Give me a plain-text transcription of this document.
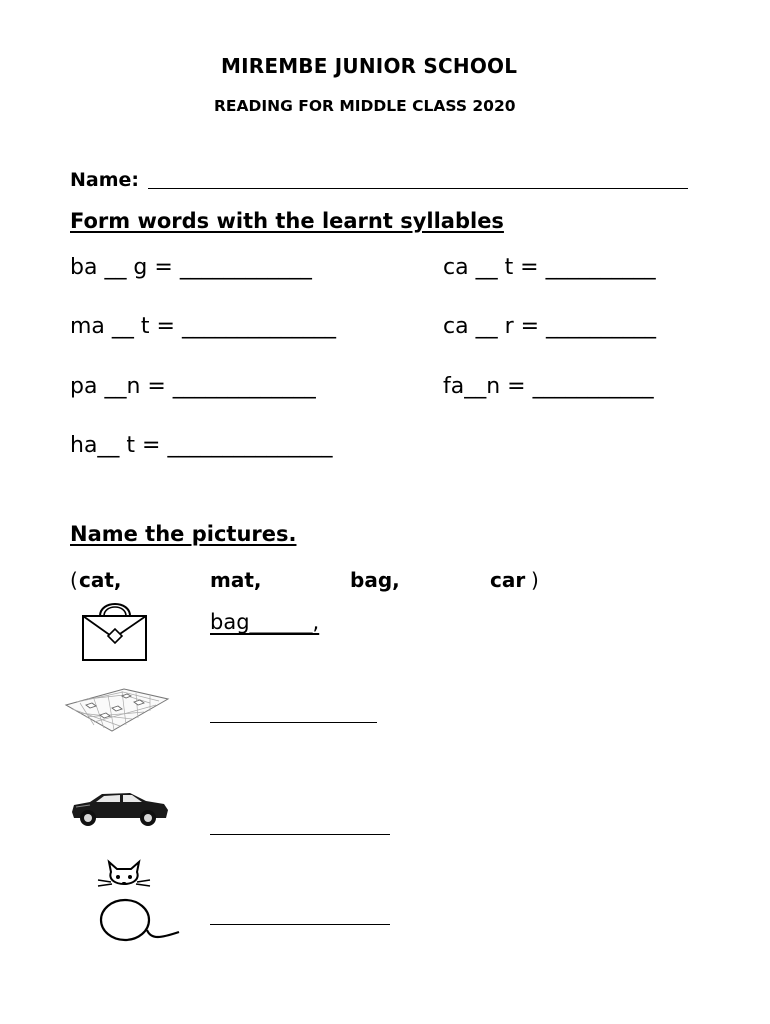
MIREMBE JUNIOR SCHOOL
READING FOR MIDDLE CLASS 2020
Name:
Form words with the learnt syllables
ba __ g = ____________	ca __ t = __________
ma __ t = ______________	ca __ r = __________
pa __n = _____________	fa__n = ___________
ha__ t = _______________
Name the pictures.
( cat,	mat,	bag,	car )
bag______,
